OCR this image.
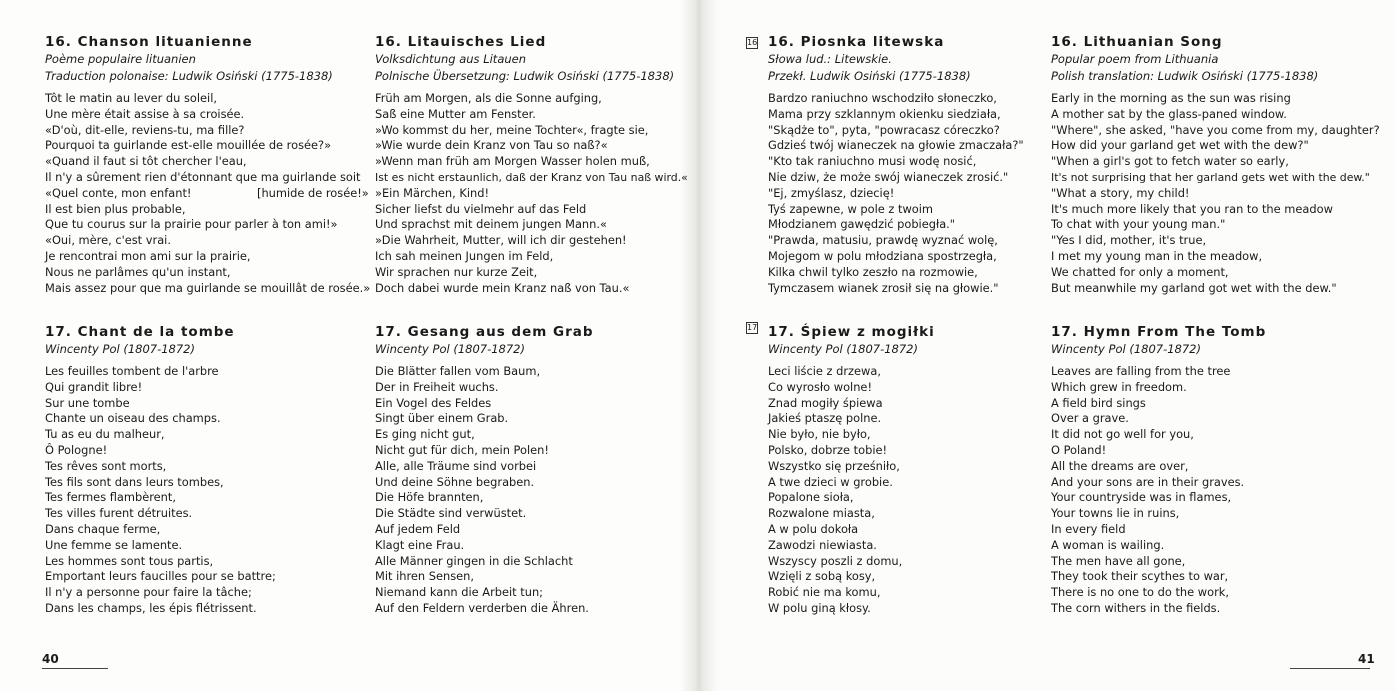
16. Chanson lituanienne
Poème populaire lituanien
Traduction polonaise: Ludwik Osiński (1775-1838)
Tôt le matin au lever du soleil,
Une mère était assise à sa croisée.
«D'où, dit-elle, reviens-tu, ma fille?
Pourquoi ta guirlande est-elle mouillée de rosée?»
«Quand il faut si tôt chercher l'eau,
Il n'y a sûrement rien d'étonnant que ma guirlande soit
«Quel conte, mon enfant!	[humide de rosée!»
Il est bien plus probable,
Que tu courus sur la prairie pour parler à ton ami!»
«Oui, mère, c'est vrai.
Je rencontrai mon ami sur la prairie,
Nous ne parlâmes qu'un instant,
Mais assez pour que ma guirlande se mouillât de rosée.»
17. Chant de la tombe
Wincenty Pol (1807-1872)
Les feuilles tombent de l'arbre
Qui grandit libre!
Sur une tombe
Chante un oiseau des champs.
Tu as eu du malheur,
Ô Pologne!
Tes rêves sont morts,
Tes fils sont dans leurs tombes,
Tes fermes flambèrent,
Tes villes furent détruites.
Dans chaque ferme,
Une femme se lamente.
Les hommes sont tous partis,
Emportant leurs faucilles pour se battre;
Il n'y a personne pour faire la tâche;
Dans les champs, les épis flétrissent.
16. Litauisches Lied
Volksdichtung aus Litauen
Polnische Übersetzung: Ludwik Osiński (1775-1838)
Früh am Morgen, als die Sonne aufging,
Saß eine Mutter am Fenster.
»Wo kommst du her, meine Tochter«, fragte sie,
»Wie wurde dein Kranz von Tau so naß?«
»Wenn man früh am Morgen Wasser holen muß,
Ist es nicht erstaunlich, daß der Kranz von Tau naß wird.«
»Ein Märchen, Kind!
Sicher liefst du vielmehr auf das Feld
Und sprachst mit deinem jungen Mann.«
»Die Wahrheit, Mutter, will ich dir gestehen!
Ich sah meinen Jungen im Feld,
Wir sprachen nur kurze Zeit,
Doch dabei wurde mein Kranz naß von Tau.«
17. Gesang aus dem Grab
Wincenty Pol (1807-1872)
Die Blätter fallen vom Baum,
Der in Freiheit wuchs.
Ein Vogel des Feldes
Singt über einem Grab.
Es ging nicht gut,
Nicht gut für dich, mein Polen!
Alle, alle Träume sind vorbei
Und deine Söhne begraben.
Die Höfe brannten,
Die Städte sind verwüstet.
Auf jedem Feld
Klagt eine Frau.
Alle Männer gingen in die Schlacht
Mit ihren Sensen,
Niemand kann die Arbeit tun;
Auf den Feldern verderben die Ähren.
16 16. Piosnka litewska
Słowa lud.: Litewskie.
Przekł. Ludwik Osiński (1775-1838)
Bardzo raniuchno wschodziło słoneczko,
Mama przy szklannym okienku siedziała,
"Skądże to", pyta, "powracasz córeczko?
Gdzieś twój wianeczek na głowie zmaczała?"
"Kto tak raniuchno musi wodę nosić,
Nie dziw, że może swój wianeczek zrosić."
"Ej, zmyślasz, dziecię!
Tyś zapewne, w pole z twoim
Młodzianem gawędzić pobiegła."
"Prawda, matusiu, prawdę wyznać wolę,
Mojegom w polu młodziana spostrzegła,
Kilka chwil tylko zeszło na rozmowie,
Tymczasem wianek zrosił się na głowie."
17 17. Śpiew z mogiłki
Wincenty Pol (1807-1872)
Leci liście z drzewa,
Co wyrosło wolne!
Znad mogiły śpiewa
Jakieś ptaszę polne.
Nie było, nie było,
Polsko, dobrze tobie!
Wszystko się prześniło,
A twe dzieci w grobie.
Popalone sioła,
Rozwalone miasta,
A w polu dokoła
Zawodzi niewiasta.
Wszyscy poszli z domu,
Wzięli z sobą kosy,
Robić nie ma komu,
W polu giną kłosy.
16. Lithuanian Song
Popular poem from Lithuania
Polish translation: Ludwik Osiński (1775-1838)
Early in the morning as the sun was rising
A mother sat by the glass-paned window.
"Where", she asked, "have you come from my, daughter?
How did your garland get wet with the dew?"
"When a girl's got to fetch water so early,
It's not surprising that her garland gets wet with the dew."
"What a story, my child!
It's much more likely that you ran to the meadow
To chat with your young man."
"Yes I did, mother, it's true,
I met my young man in the meadow,
We chatted for only a moment,
But meanwhile my garland got wet with the dew."
17. Hymn From The Tomb
Wincenty Pol (1807-1872)
Leaves are falling from the tree
Which grew in freedom.
A field bird sings
Over a grave.
It did not go well for you,
O Poland!
All the dreams are over,
And your sons are in their graves.
Your countryside was in flames,
Your towns lie in ruins,
In every field
A woman is wailing.
The men have all gone,
They took their scythes to war,
There is no one to do the work,
The corn withers in the fields.
40	41
